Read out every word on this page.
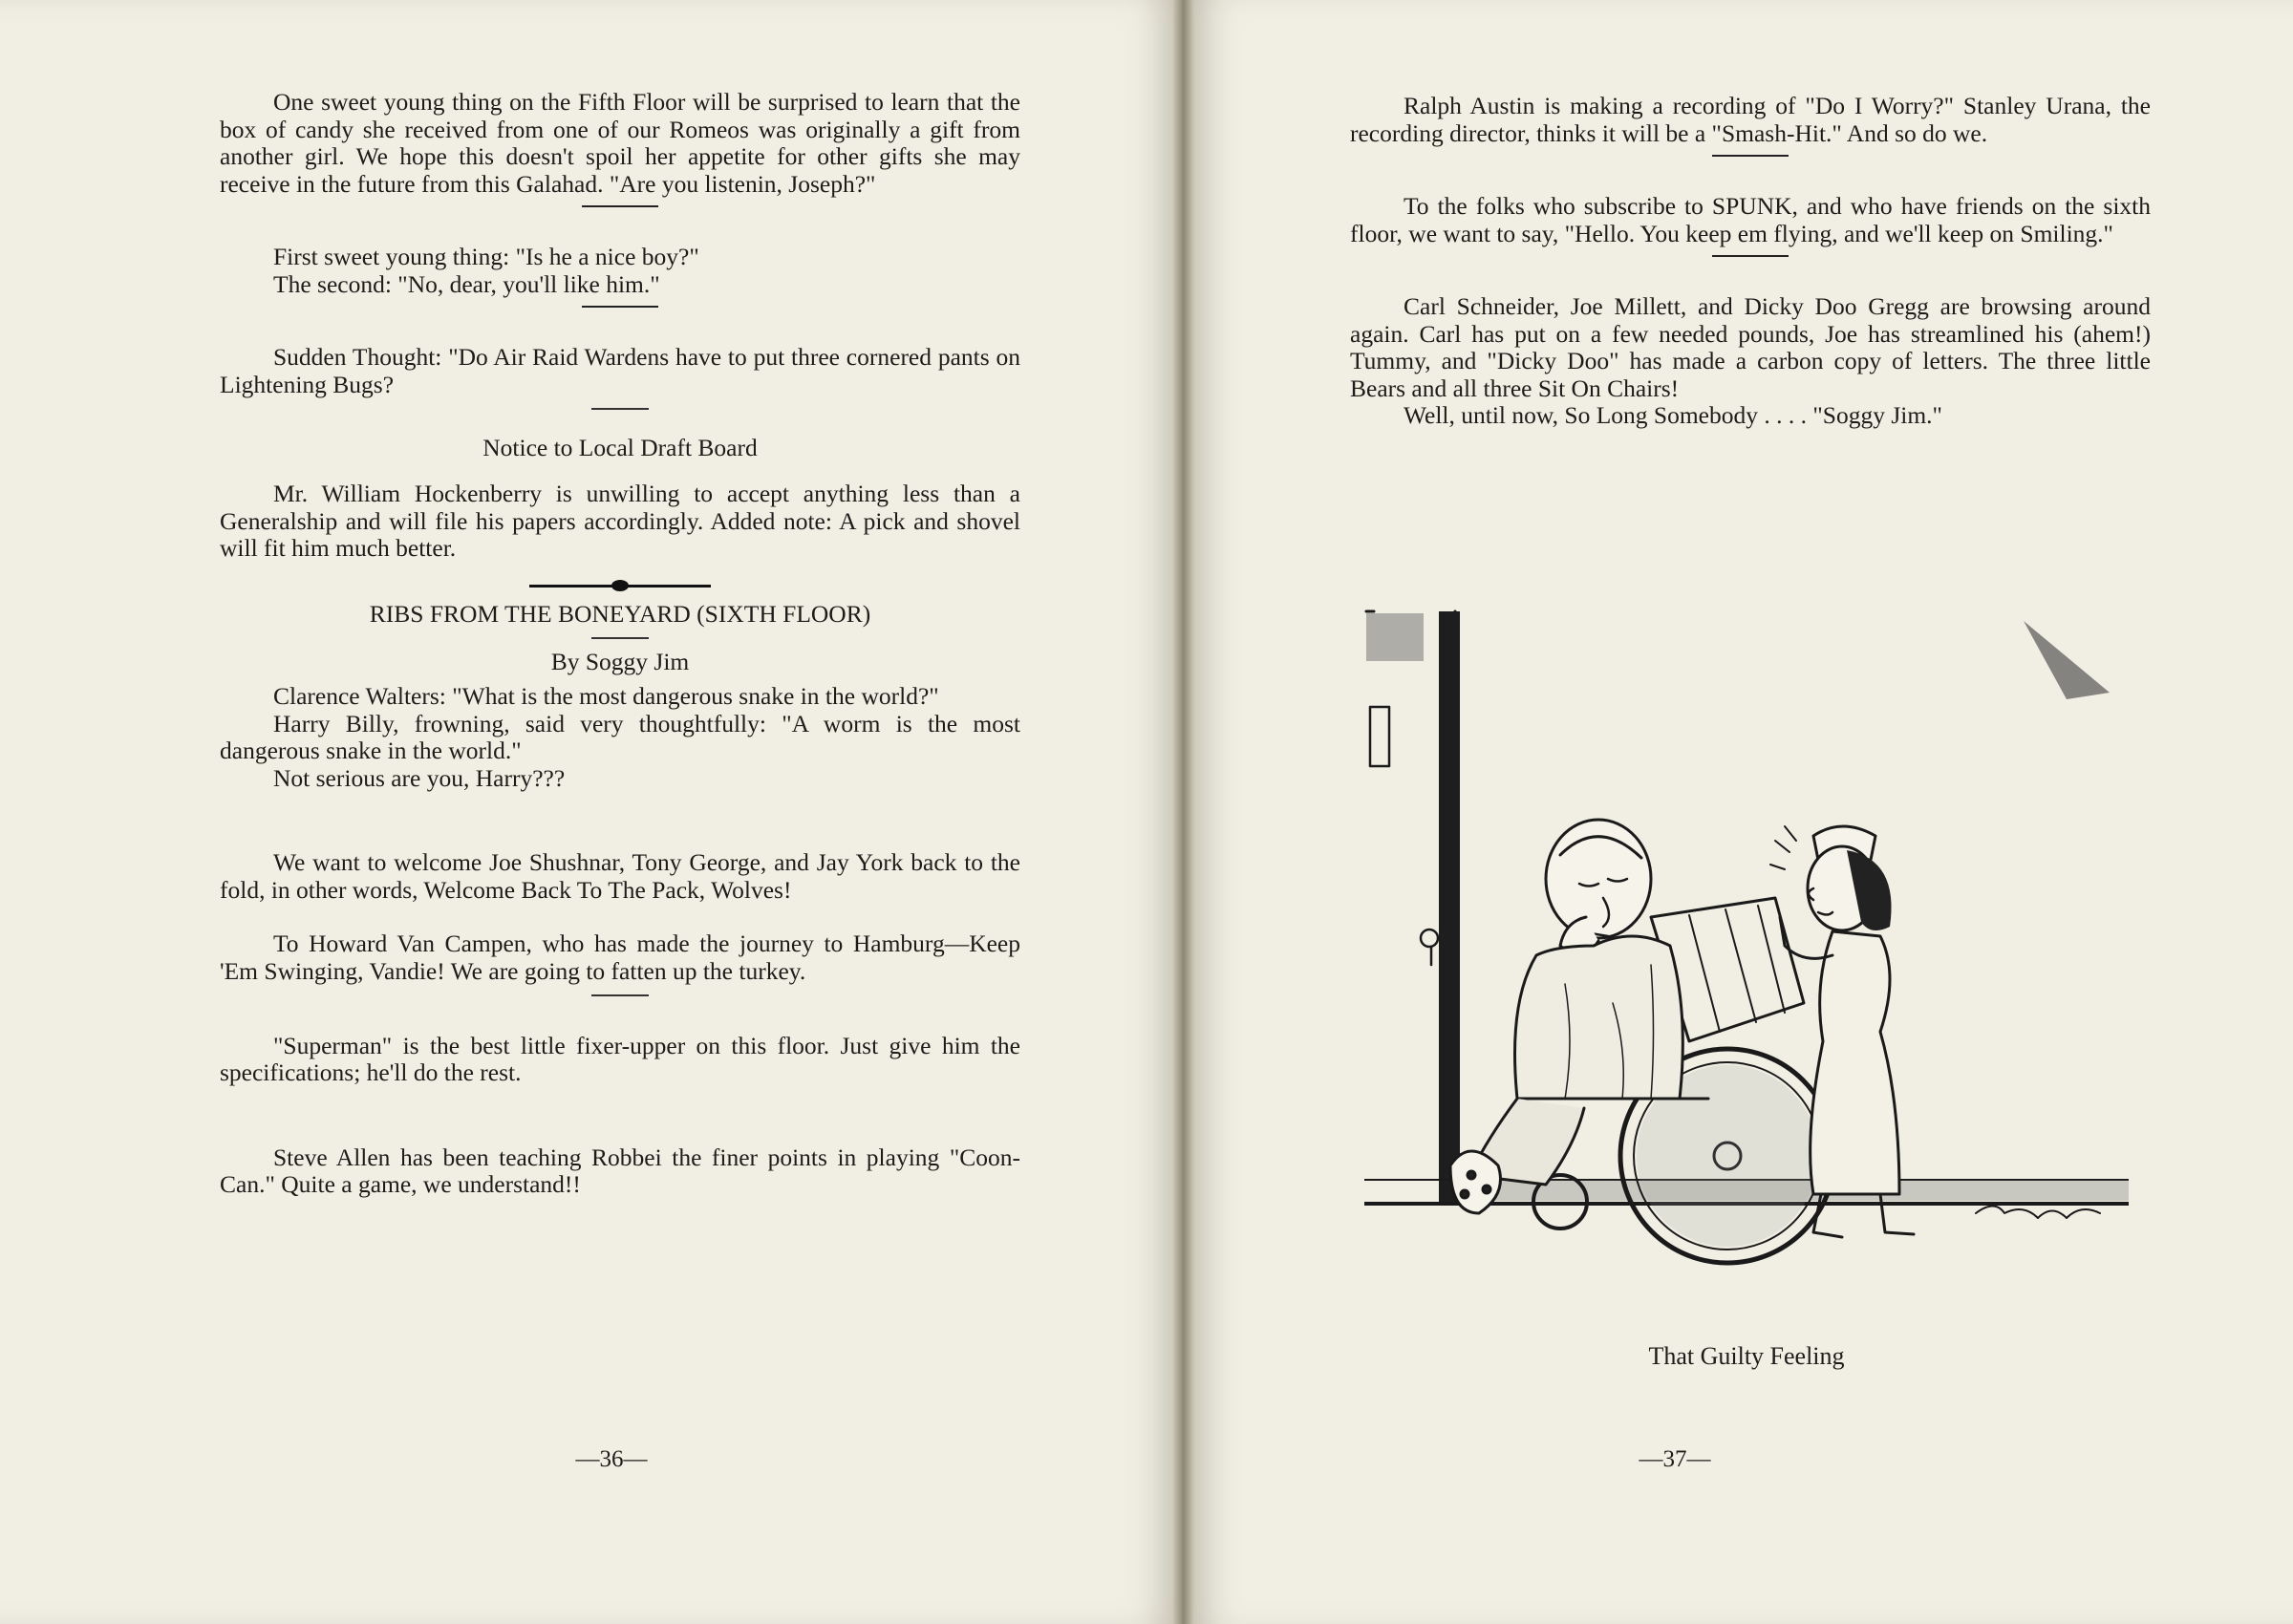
One sweet young thing on the Fifth Floor will be surprised to learn that the box of candy she received from one of our Romeos was originally a gift from another girl. We hope this doesn't spoil her appetite for other gifts she may receive in the future from this Galahad. "Are you listenin, Joseph?"

First sweet young thing: "Is he a nice boy?"

The second: "No, dear, you'll like him."

Sudden Thought: "Do Air Raid Wardens have to put three cornered pants on Lightening Bugs?

Notice to Local Draft Board

Mr. William Hockenberry is unwilling to accept anything less than a Generalship and will file his papers accordingly. Added note: A pick and shovel will fit him much better.

RIBS FROM THE BONEYARD (SIXTH FLOOR)

By Soggy Jim

Clarence Walters: "What is the most dangerous snake in the world?"

Harry Billy, frowning, said very thoughtfully: "A worm is the most dangerous snake in the world."

Not serious are you, Harry???

We want to welcome Joe Shushnar, Tony George, and Jay York back to the fold, in other words, Welcome Back To The Pack, Wolves!

To Howard Van Campen, who has made the journey to Hamburg—Keep 'Em Swinging, Vandie! We are going to fatten up the turkey.

"Superman" is the best little fixer-upper on this floor. Just give him the specifications; he'll do the rest.

Steve Allen has been teaching Robbei the finer points in playing "Coon-Can." Quite a game, we understand!!

—36—

Ralph Austin is making a recording of "Do I Worry?" Stanley Urana, the recording director, thinks it will be a "Smash-Hit." And so do we.

To the folks who subscribe to SPUNK, and who have friends on the sixth floor, we want to say, "Hello. You keep em flying, and we'll keep on Smiling."

Carl Schneider, Joe Millett, and Dicky Doo Gregg are browsing around again. Carl has put on a few needed pounds, Joe has streamlined his (ahem!) Tummy, and "Dicky Doo" has made a carbon copy of letters. The three little Bears and all three Sit On Chairs!

Well, until now, So Long Somebody . . . . "Soggy Jim."

That Guilty Feeling
—37—
